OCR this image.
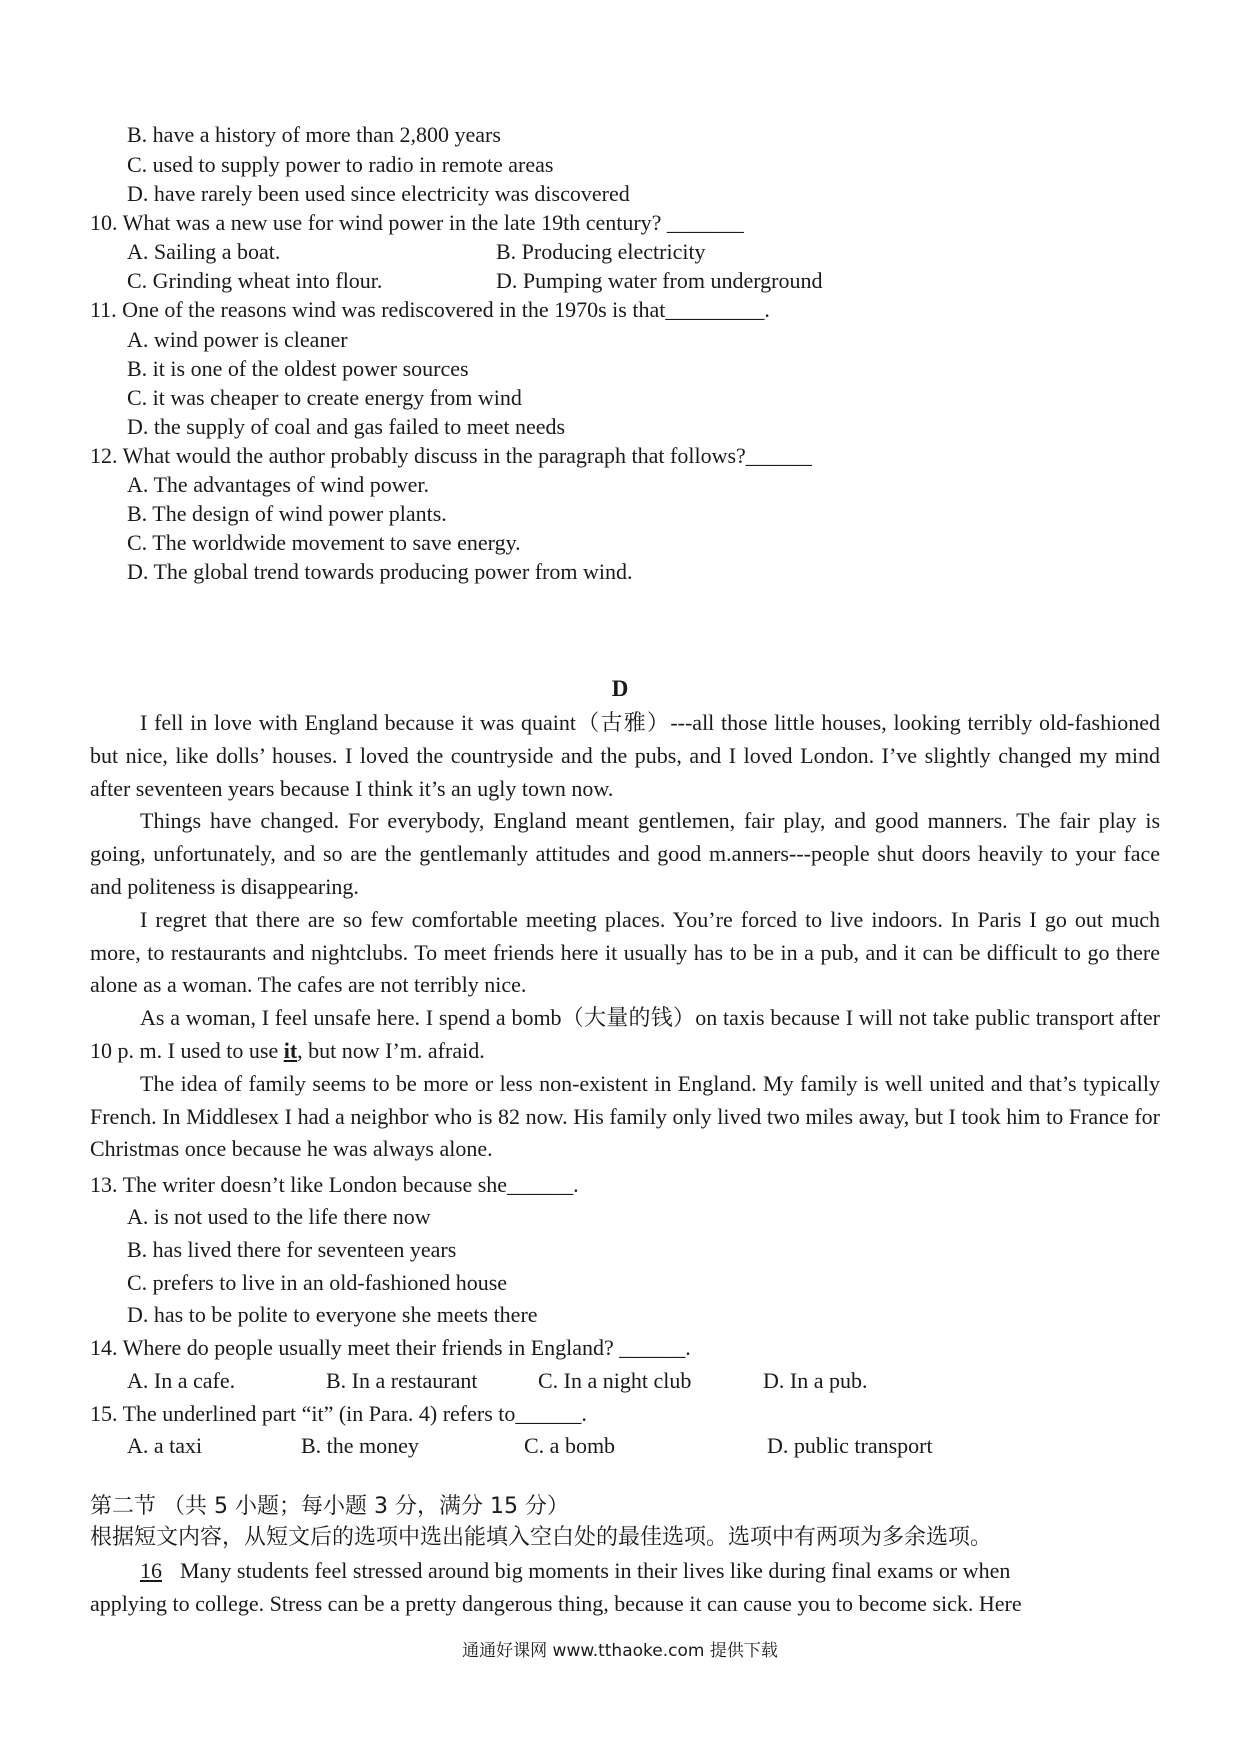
B. have a history of more than 2,800 years
C. used to supply power to radio in remote areas
D. have rarely been used since electricity was discovered
10. What was a new use for wind power in the late 19th century? _______
A. Sailing a boat.	B. Producing electricity
C. Grinding wheat into flour.	D. Pumping water from underground
11. One of the reasons wind was rediscovered in the 1970s is that_________.
A. wind power is cleaner
B. it is one of the oldest power sources
C. it was cheaper to create energy from wind
D. the supply of coal and gas failed to meet needs
12. What would the author probably discuss in the paragraph that follows?______
A. The advantages of wind power.
B. The design of wind power plants.
C. The worldwide movement to save energy.
D. The global trend towards producing power from wind.
D

I fell in love with England because it was quaint（古雅）---all those little houses, looking terribly old-fashioned but nice, like dolls’ houses. I loved the countryside and the pubs, and I loved London. I’ve slightly changed my mind after seventeen years because I think it’s an ugly town now.

Things have changed. For everybody, England meant gentlemen, fair play, and good manners. The fair play is going, unfortunately, and so are the gentlemanly attitudes and good m.anners---people shut doors heavily to your face and politeness is disappearing.

I regret that there are so few comfortable meeting places. You’re forced to live indoors. In Paris I go out much more, to restaurants and nightclubs. To meet friends here it usually has to be in a pub, and it can be difficult to go there alone as a woman. The cafes are not terribly nice.

As a woman, I feel unsafe here. I spend a bomb（大量的钱）on taxis because I will not take public transport after 10 p. m. I used to use it, but now I’m. afraid.

The idea of family seems to be more or less non-existent in England. My family is well united and that’s typically French. In Middlesex I had a neighbor who is 82 now. His family only lived two miles away, but I took him to France for Christmas once because he was always alone.

13. The writer doesn’t like London because she______.
A. is not used to the life there now
B. has lived there for seventeen years
C. prefers to live in an old-fashioned house
D. has to be polite to everyone she meets there
14. Where do people usually meet their friends in England? ______.
A. In a cafe.	B. In a restaurant	C. In a night club	D. In a pub.
15. The underlined part “it” (in Para. 4) refers to______.
A. a taxi	B. the money	C. a bomb	D. public transport
第二节 （共 5 小题；每小题 3 分，满分 15 分）
根据短文内容，从短文后的选项中选出能填入空白处的最佳选项。选项中有两项为多余选项。
16 Many students feel stressed around big moments in their lives like during final exams or when
applying to college. Stress can be a pretty dangerous thing, because it can cause you to become sick. Here
通通好课网 www.tthaoke.com 提供下载
